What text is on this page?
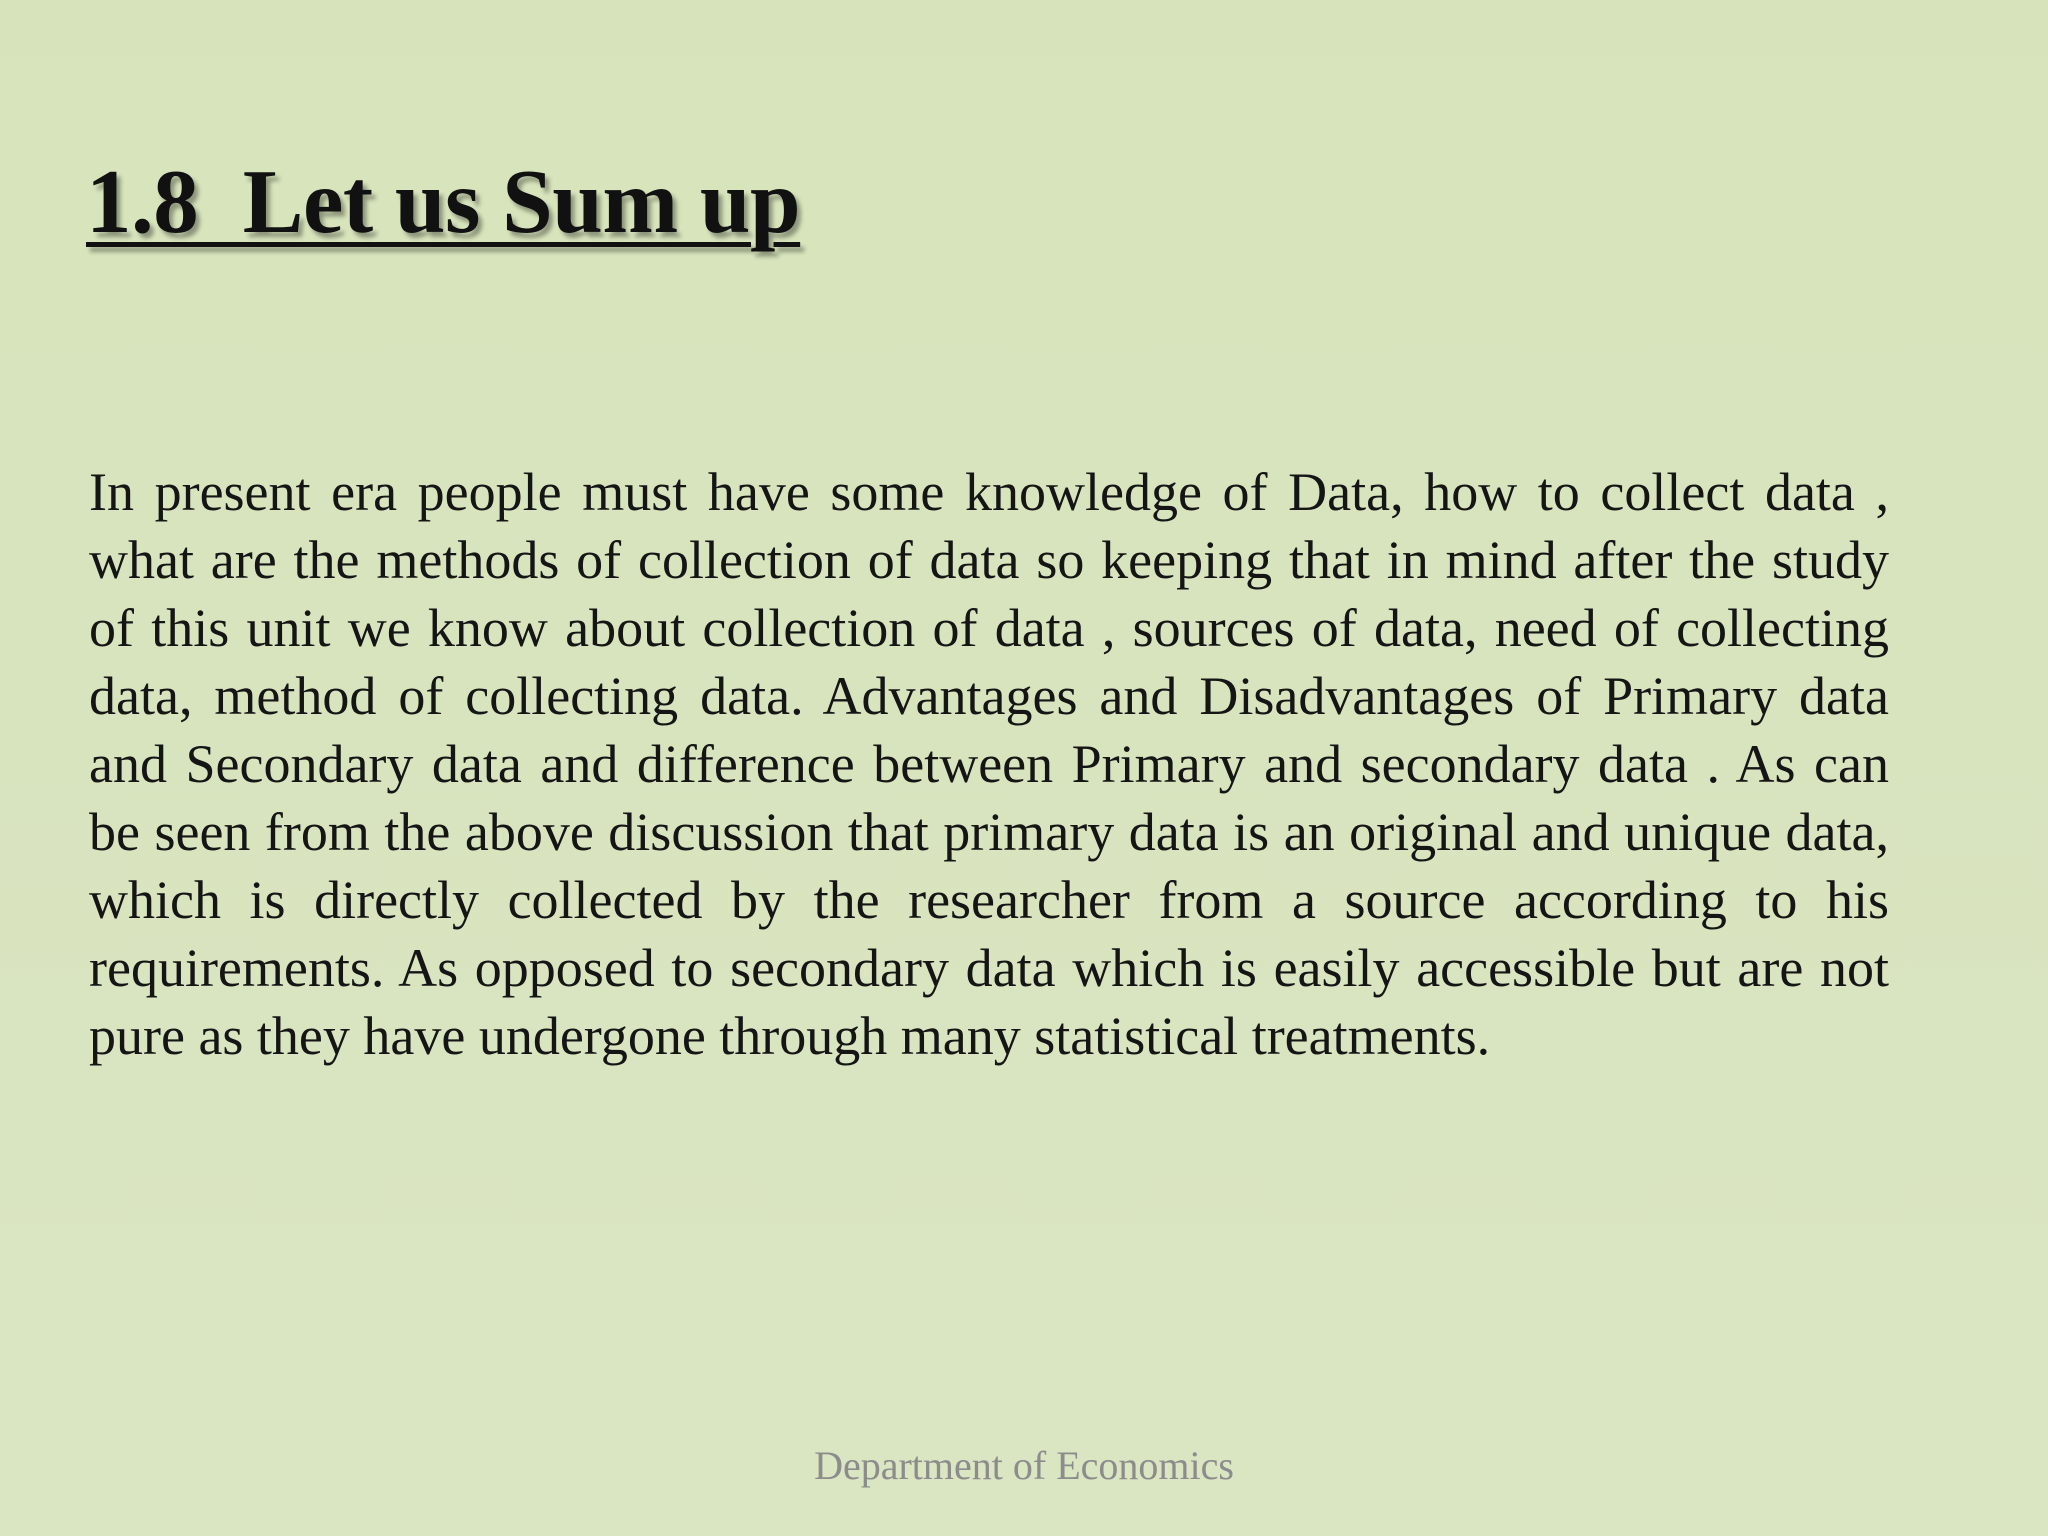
1.8  Let us Sum up

In present era people must have some knowledge of Data, how to collect data , what are the methods of collection of data so keeping that in mind after the study of this unit we know about collection of data , sources of data, need of collecting data, method of collecting data. Advantages and Disadvantages of Primary data and Secondary data and difference between Primary and secondary data . As can be seen from the above discussion that primary data is an original and unique data, which is directly collected by the researcher from a source according to his requirements. As opposed to secondary data which is easily accessible but are not pure as they have undergone through many statistical treatments.

Department of Economics
